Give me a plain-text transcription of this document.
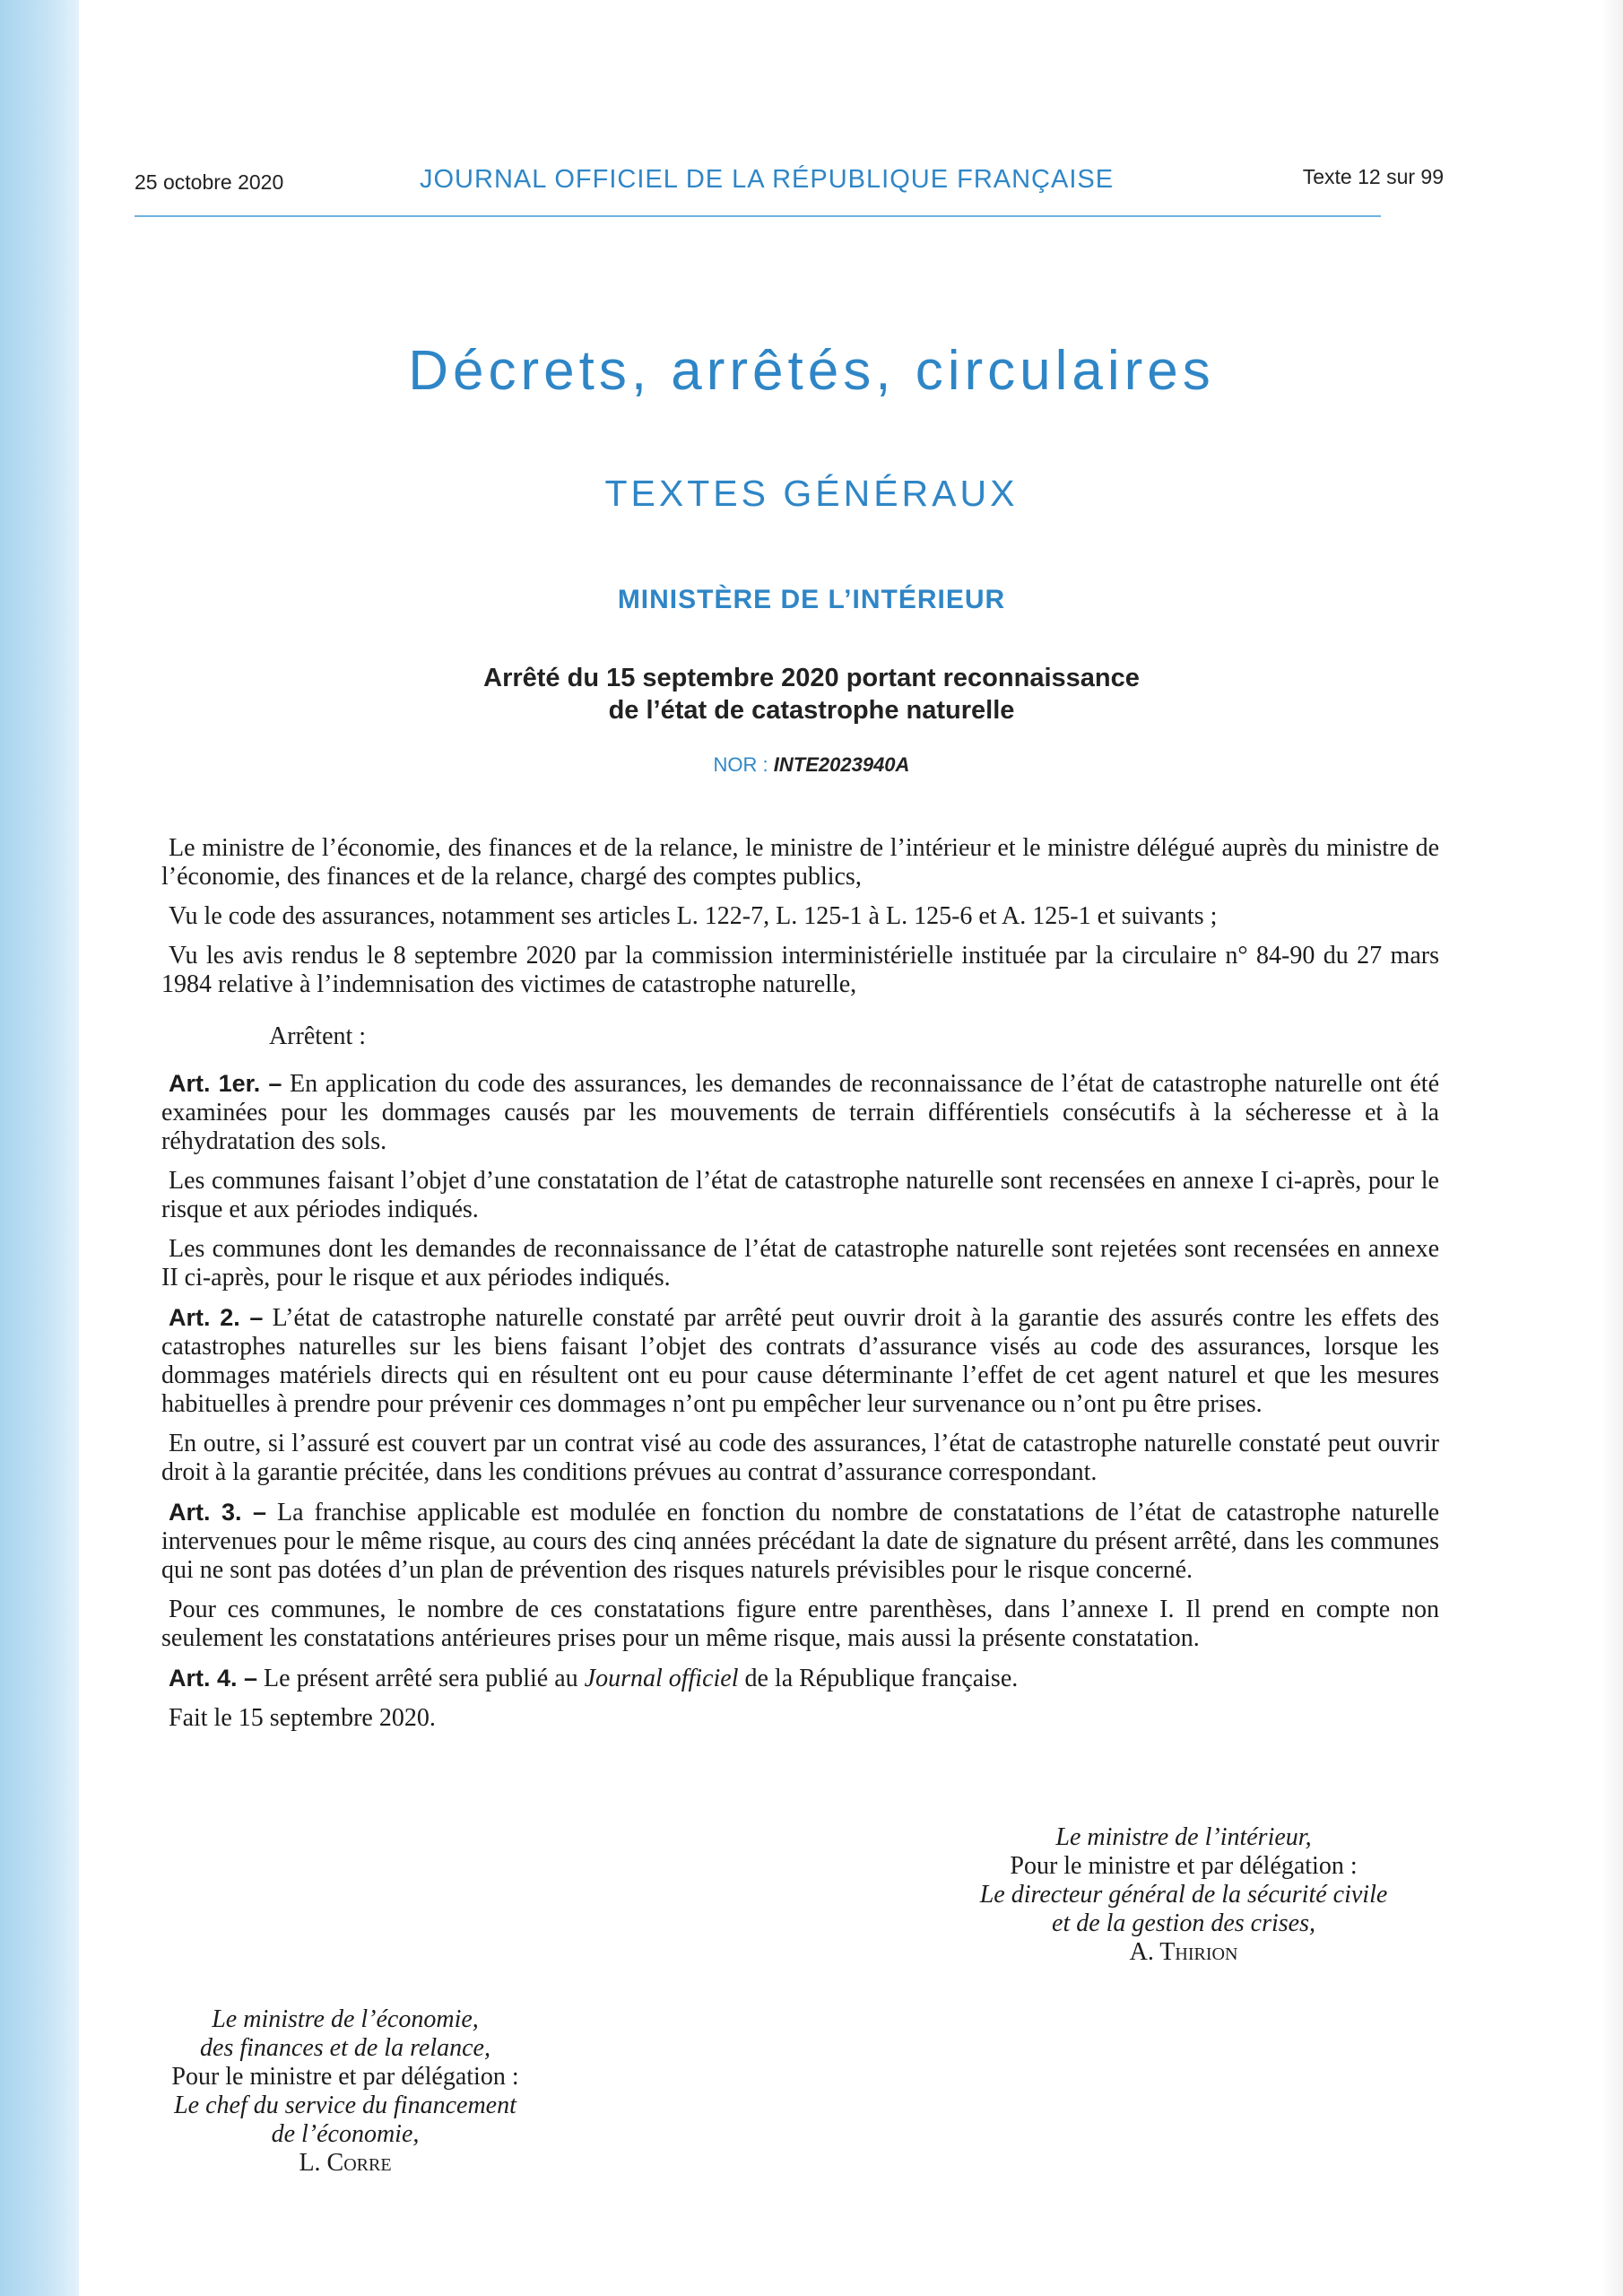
25 octobre 2020	JOURNAL OFFICIEL DE LA RÉPUBLIQUE FRANÇAISE	Texte 12 sur 99
Décrets, arrêtés, circulaires
TEXTES GÉNÉRAUX
MINISTÈRE DE L’INTÉRIEUR
Arrêté du 15 septembre 2020 portant reconnaissance
de l’état de catastrophe naturelle
NOR : INTE2023940A

Le ministre de l’économie, des finances et de la relance, le ministre de l’intérieur et le ministre délégué auprès du ministre de l’économie, des finances et de la relance, chargé des comptes publics,

Vu le code des assurances, notamment ses articles L. 122-7, L. 125-1 à L. 125-6 et A. 125-1 et suivants ;

Vu les avis rendus le 8 septembre 2020 par la commission interministérielle instituée par la circulaire n° 84-90 du 27 mars 1984 relative à l’indemnisation des victimes de catastrophe naturelle,

Arrêtent :

Art. 1er. – En application du code des assurances, les demandes de reconnaissance de l’état de catastrophe naturelle ont été examinées pour les dommages causés par les mouvements de terrain différentiels consécutifs à la sécheresse et à la réhydratation des sols.

Les communes faisant l’objet d’une constatation de l’état de catastrophe naturelle sont recensées en annexe I ci-après, pour le risque et aux périodes indiqués.

Les communes dont les demandes de reconnaissance de l’état de catastrophe naturelle sont rejetées sont recensées en annexe II ci-après, pour le risque et aux périodes indiqués.

Art. 2. – L’état de catastrophe naturelle constaté par arrêté peut ouvrir droit à la garantie des assurés contre les effets des catastrophes naturelles sur les biens faisant l’objet des contrats d’assurance visés au code des assurances, lorsque les dommages matériels directs qui en résultent ont eu pour cause déterminante l’effet de cet agent naturel et que les mesures habituelles à prendre pour prévenir ces dommages n’ont pu empêcher leur survenance ou n’ont pu être prises.

En outre, si l’assuré est couvert par un contrat visé au code des assurances, l’état de catastrophe naturelle constaté peut ouvrir droit à la garantie précitée, dans les conditions prévues au contrat d’assurance correspondant.

Art. 3. – La franchise applicable est modulée en fonction du nombre de constatations de l’état de catastrophe naturelle intervenues pour le même risque, au cours des cinq années précédant la date de signature du présent arrêté, dans les communes qui ne sont pas dotées d’un plan de prévention des risques naturels prévisibles pour le risque concerné.

Pour ces communes, le nombre de ces constatations figure entre parenthèses, dans l’annexe I. Il prend en compte non seulement les constatations antérieures prises pour un même risque, mais aussi la présente constatation.

Art. 4. – Le présent arrêté sera publié au Journal officiel de la République française.

Fait le 15 septembre 2020.

Le ministre de l’intérieur,
Pour le ministre et par délégation :
Le directeur général de la sécurité civile
et de la gestion des crises,
A. Thirion
Le ministre de l’économie,
des finances et de la relance,
Pour le ministre et par délégation :
Le chef du service du financement
de l’économie,
L. Corre
